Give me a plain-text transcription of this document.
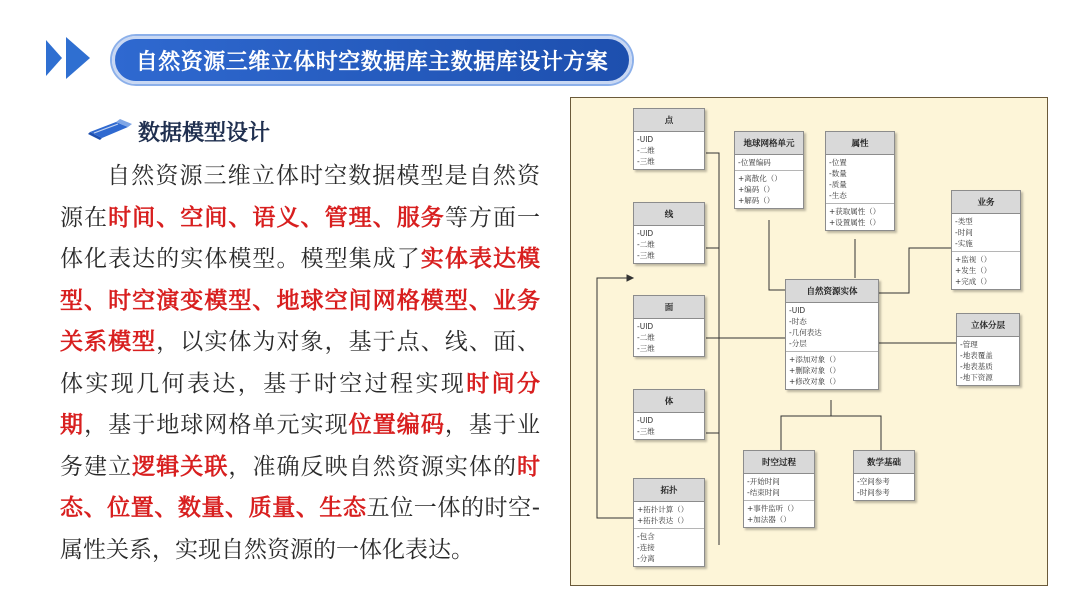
自然资源三维立体时空数据库主数据库设计方案
数据模型设计
自然资源三维立体时空数据模型是自然资源在时间、空间、语义、管理、服务等方面一体化表达的实体模型。模型集成了实体表达模型、时空演变模型、地球空间网格模型、业务关系模型，以实体为对象，基于点、线、面、体实现几何表达，基于时空过程实现时间分期，基于地球网格单元实现位置编码，基于业务建立逻辑关联，准确反映自然资源实体的时态、位置、数量、质量、生态五位一体的时空-属性关系，实现自然资源的一体化表达。
点
-UID
-二维
-三维
线
-UID
-二维
-三维
面
-UID
-二维
-三维
体
-UID
-三维
拓扑
+拓扑计算（）
+拓扑表达（）
-包含
-连接
-分离
地球网格单元
-位置编码
+离散化（）
+编码（）
+解码（）
属性
-位置
-数量
-质量
-生态
+获取属性（）
+设置属性（）
业务
-类型
-时间
-实施
+监视（）
+发生（）
+完成（）
自然资源实体
-UID
-时态
-几何表达
-分层
+添加对象（）
+删除对象（）
+修改对象（）
立体分层
-管理
-地表覆盖
-地表基质
-地下资源
时空过程
-开始时间
-结束时间
+事件监听（）
+加法器（）
数学基础
-空间参考
-时间参考
